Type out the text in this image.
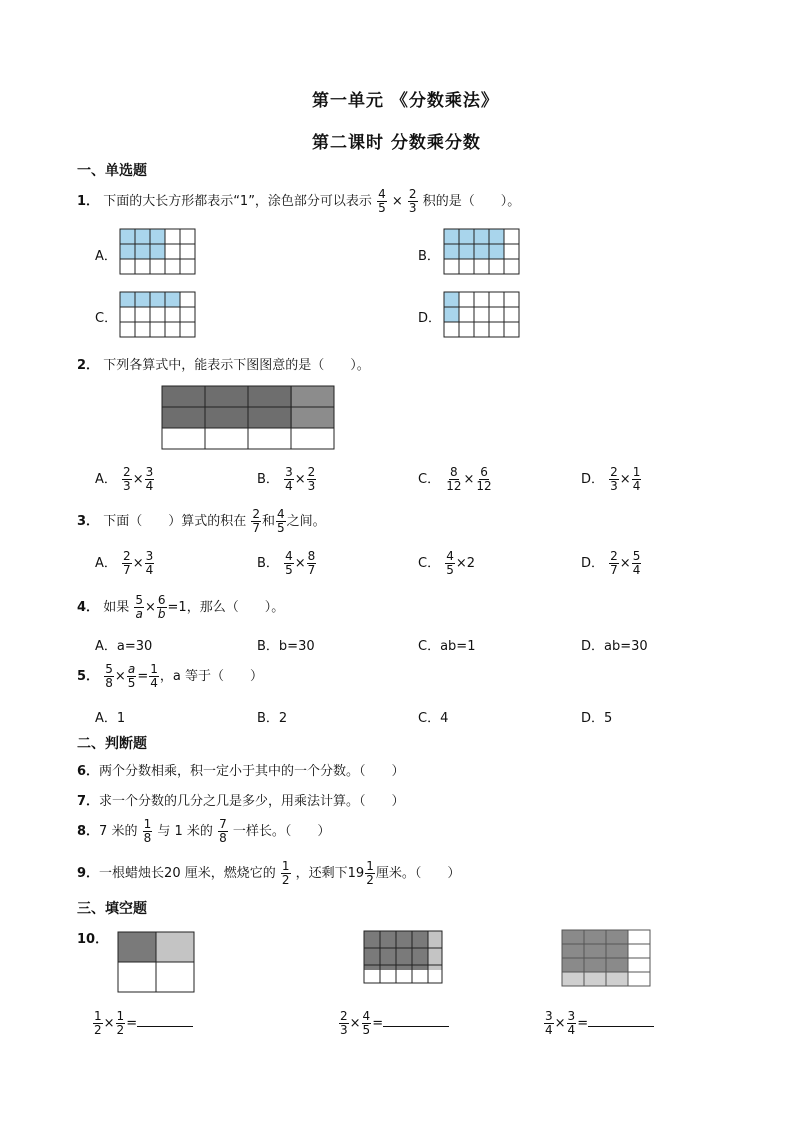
第一单元 《分数乘法》
第二课时 分数乘分数
一、单选题
1． 下面的大长方形都表示“1”，涂色部分可以表示 $\frac{4}{5} \times \frac{2}{3}$ 积的是（　　）。
A．	B．
C．	D．
2． 下列各算式中，能表示下图图意的是（　　）。
A． $\frac{2}{3} \times \frac{3}{4}$	B． $\frac{3}{4} \times \frac{2}{3}$	C． $\frac{8}{12} \times \frac{6}{12}$	D． $\frac{2}{3} \times \frac{1}{4}$
3． 下面（　　）算式的积在 $\frac{2}{7}$ 和 $\frac{4}{5}$ 之间。
A． $\frac{2}{7} \times \frac{3}{4}$	B． $\frac{4}{5} \times \frac{8}{7}$	C． $\frac{4}{5} \times 2$	D． $\frac{2}{7} \times \frac{5}{4}$
4． 如果 $\frac{5}{a} \times \frac{6}{b} =1$，那么（　　）。
A．a=30	B．b=30	C．ab=1	D．ab=30
5． $\frac{5}{8} \times \frac{a}{5} = \frac{1}{4}$ ，a 等于（　　）
A．1	B．2	C．4	D．5
二、判断题
6．两个分数相乘，积一定小于其中的一个分数。（　　）
7．求一个分数的几分之几是多少，用乘法计算。（　　）
8．7 米的 $\frac{1}{8}$ 与 1 米的 $\frac{7}{8}$ 一样长。（　　）
9．一根蜡烛长20 厘米，燃烧它的 $\frac{1}{2}$ ，还剩下$19 \frac{1}{2}$ 厘米。（　　）
三、填空题
10．
$\frac{1}{2} \times \frac{1}{2}$ =	$\frac{2}{3} \times \frac{4}{5}$ =	$\frac{3}{4} \times \frac{3}{4}$ =
